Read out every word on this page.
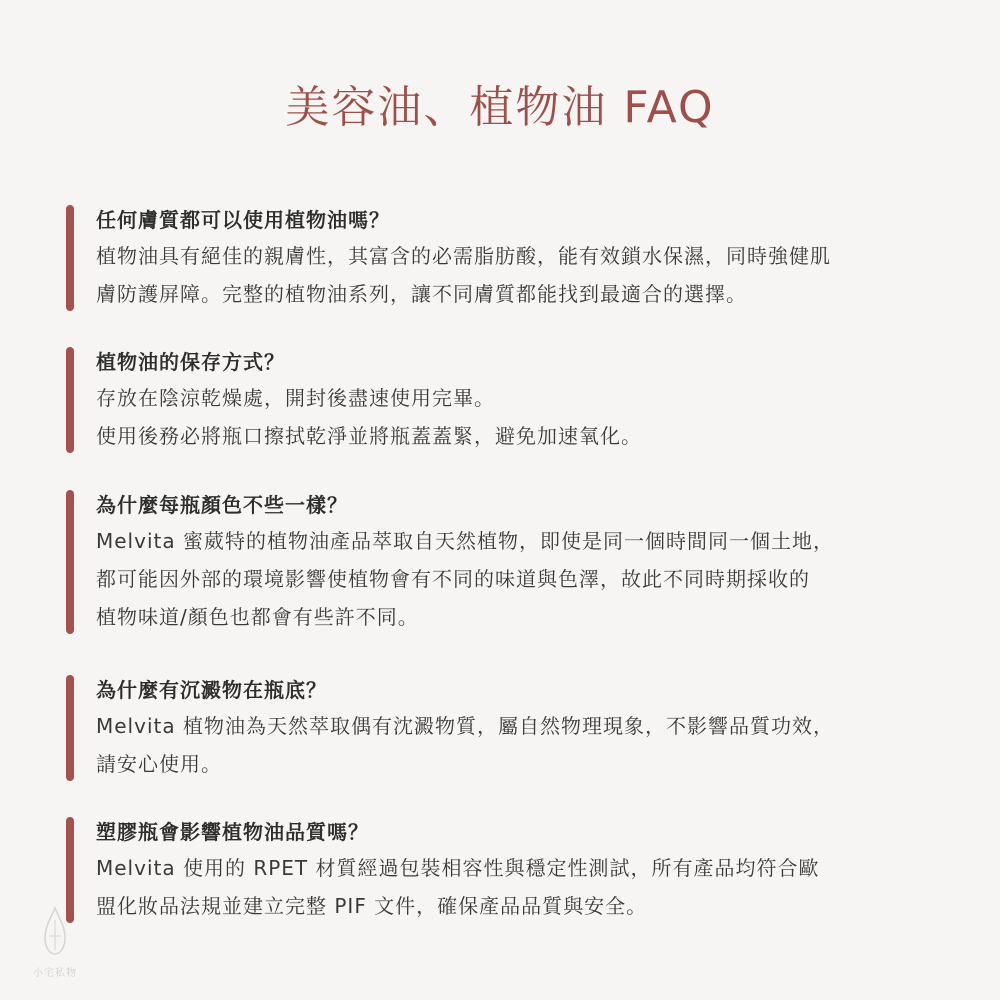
美容油、植物油 FAQ
任何膚質都可以使用植物油嗎？
植物油具有絕佳的親膚性，其富含的必需脂肪酸，能有效鎖水保濕，同時強健肌
膚防護屏障。完整的植物油系列，讓不同膚質都能找到最適合的選擇。
植物油的保存方式？
存放在陰涼乾燥處，開封後盡速使用完畢。
使用後務必將瓶口擦拭乾淨並將瓶蓋蓋緊，避免加速氧化。
為什麼每瓶顏色不些一樣？
Melvita 蜜葳特的植物油產品萃取自天然植物，即使是同一個時間同一個土地，
都可能因外部的環境影響使植物會有不同的味道與色澤，故此不同時期採收的
植物味道/顏色也都會有些許不同。
為什麼有沉澱物在瓶底？
Melvita 植物油為天然萃取偶有沈澱物質，屬自然物理現象，不影響品質功效，
請安心使用。
塑膠瓶會影響植物油品質嗎？
Melvita 使用的 RPET 材質經過包裝相容性與穩定性測試，所有產品均符合歐
盟化妝品法規並建立完整 PIF 文件，確保產品品質與安全。
小宅私物
